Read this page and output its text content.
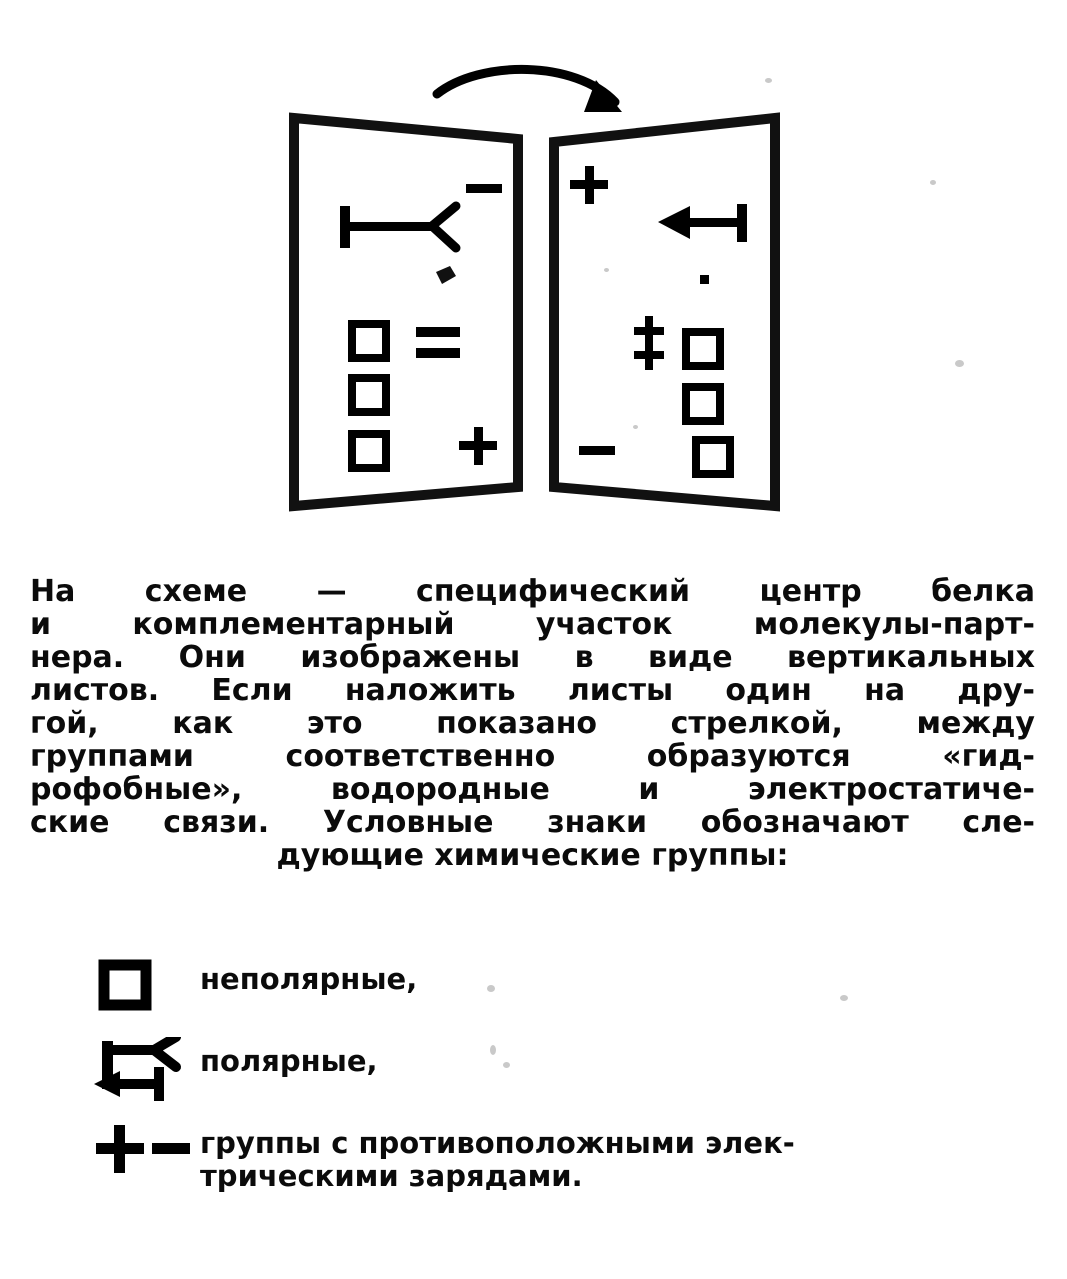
На схеме — специфический центр белка
и комплементарный участок молекулы-парт-
нера. Они изображены в виде вертикальных
листов. Если наложить листы один на дру-
гой, как это показано стрелкой, между
группами соответственно образуются «гид-
рофобные», водородные и электростатиче-
ские связи. Условные знаки обозначают сле-
дующие химические группы:
неполярные,
полярные,
группы с противоположными элек-
трическими зарядами.
